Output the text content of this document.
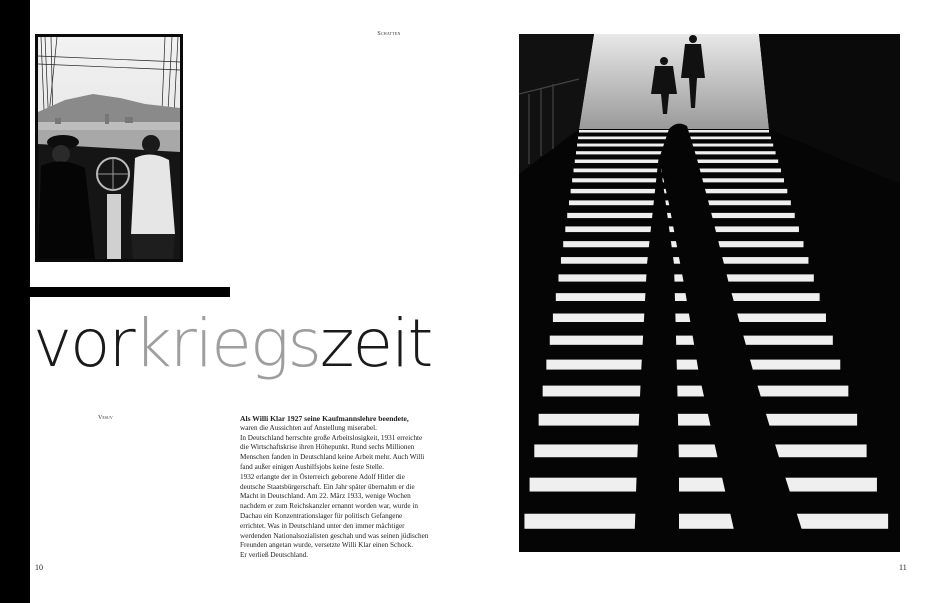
Schatten
vorkriegszeit
Vesuv	Als Willi Klar 1927 seine Kaufmannslehre beendete,

waren die Aussichten auf Anstellung miserabel.

In Deutschland herrschte große Arbeitslosigkeit, 1931 erreichte

die Wirtschaftskrise ihren Höhepunkt. Rund sechs Millionen

Menschen fanden in Deutschland keine Arbeit mehr. Auch Willi

fand außer einigen Aushilfsjobs keine feste Stelle.

1932 erlangte der in Österreich geborene Adolf Hitler die

deutsche Staatsbürgerschaft. Ein Jahr später übernahm er die

Macht in Deutschland. Am 22. März 1933, wenige Wochen

nachdem er zum Reichskanzler ernannt worden war, wurde in

Dachau ein Konzentrationslager für politisch Gefangene

errichtet. Was in Deutschland unter den immer mächtiger

werdenden Nationalsozialisten geschah und was seinen jüdischen

Freunden angetan wurde, versetzte Willi Klar einen Schock.

Er verließ Deutschland.

10	11
